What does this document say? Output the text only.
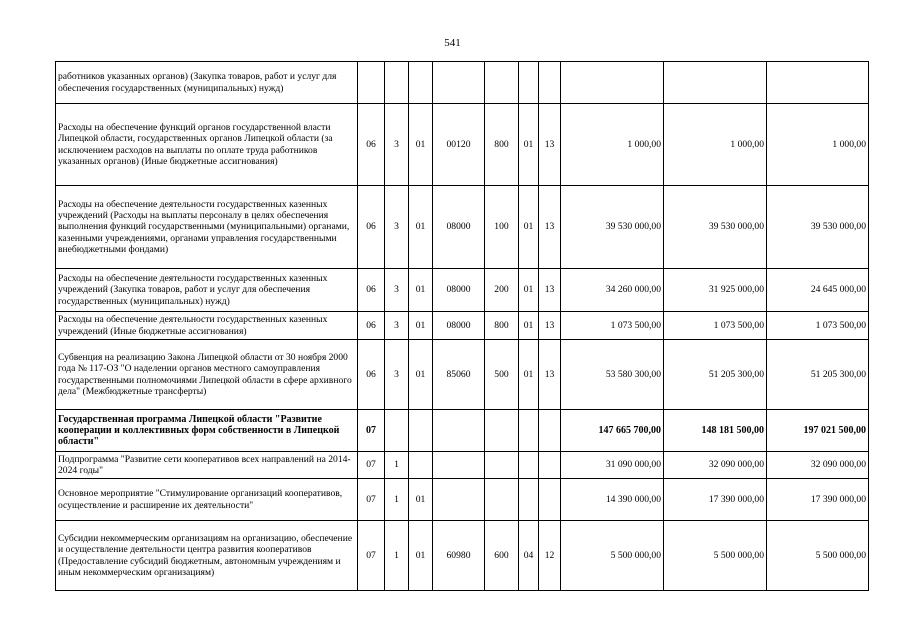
541
работников указанных органов) (Закупка товаров, работ и услуг для обеспечения государственных (муниципальных) нужд)										
Расходы на обеспечение функций органов государственной власти Липецкой области, государственных органов Липецкой области (за исключением расходов на выплаты по оплате труда работников указанных органов) (Иные бюджетные ассигнования)	06	3	01	00120	800	01	13	1 000,00	1 000,00	1 000,00
Расходы на обеспечение деятельности государственных казенных учреждений (Расходы на выплаты персоналу в целях обеспечения выполнения функций государственными (муниципальными) органами, казенными учреждениями, органами управления государственными внебюджетными фондами)	06	3	01	08000	100	01	13	39 530 000,00	39 530 000,00	39 530 000,00
Расходы на обеспечение деятельности государственных казенных учреждений (Закупка товаров, работ и услуг для обеспечения государственных (муниципальных) нужд)	06	3	01	08000	200	01	13	34 260 000,00	31 925 000,00	24 645 000,00
Расходы на обеспечение деятельности государственных казенных учреждений (Иные бюджетные ассигнования)	06	3	01	08000	800	01	13	1 073 500,00	1 073 500,00	1 073 500,00
Субвенция на реализацию Закона Липецкой области от 30 ноября 2000 года № 117-ОЗ "О наделении органов местного самоуправления государственными полномочиями Липецкой области в сфере архивного дела" (Межбюджетные трансферты)	06	3	01	85060	500	01	13	53 580 300,00	51 205 300,00	51 205 300,00
Государственная программа Липецкой области "Развитие кооперации и коллективных форм собственности в Липецкой области"	07							147 665 700,00	148 181 500,00	197 021 500,00
Подпрограмма "Развитие сети кооперативов всех направлений на 2014-2024 годы"	07	1						31 090 000,00	32 090 000,00	32 090 000,00
Основное мероприятие "Стимулирование организаций кооперативов, осуществление и расширение их деятельности"	07	1	01					14 390 000,00	17 390 000,00	17 390 000,00
Субсидии некоммерческим организациям на организацию, обеспечение и осуществление деятельности центра развития кооперативов (Предоставление субсидий бюджетным, автономным учреждениям и иным некоммерческим организациям)	07	1	01	60980	600	04	12	5 500 000,00	5 500 000,00	5 500 000,00
